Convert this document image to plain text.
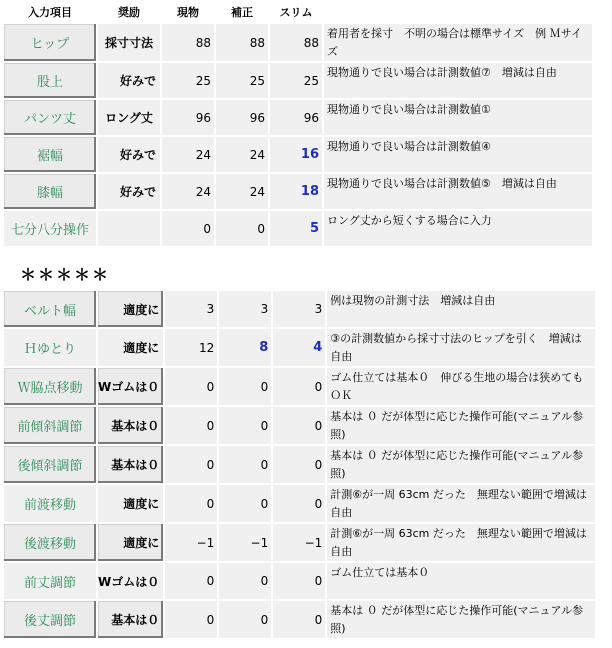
入力項目	奨励	現物	補正	スリム	
ヒップ	採寸寸法	88	88	88	着用者を採寸　不明の場合は標準サイズ　例 Ｍサイズ
股上	好みで	25	25	25	現物通りで良い場合は計測数値⑦　増減は自由
パンツ丈	ロング丈	96	96	96	現物通りで良い場合は計測数値①
裾幅	好みで	24	24	16	現物通りで良い場合は計測数値④
膝幅	好みで	24	24	18	現物通りで良い場合は計測数値⑤　増減は自由
七分八分操作		0	0	5	ロング丈から短くする場合に入力
＊＊＊＊＊
ベルト幅	適度に	3	3	3	例は現物の計測寸法　増減は自由
Ｈゆとり	適度に	12	8	4	③の計測数値から採寸寸法のヒップを引く　増減は自由
Ｗ脇点移動	Wゴムは０	0	0	0	ゴム仕立ては基本０　伸びる生地の場合は狭めてもＯＫ
前傾斜調節	基本は０	0	0	0	基本は ０ だが体型に応じた操作可能(マニュアル参照)
後傾斜調節	基本は０	0	0	0	基本は ０ だが体型に応じた操作可能(マニュアル参照)
前渡移動	適度に	0	0	0	計測⑥が一周 63cm だった　無理ない範囲で増減は自由
後渡移動	適度に	−1	−1	−1	計測⑥が一周 63cm だった　無理ない範囲で増減は自由
前丈調節	Wゴムは０	0	0	0	ゴム仕立ては基本０
後丈調節	基本は０	0	0	0	基本は ０ だが体型に応じた操作可能(マニュアル参照)
